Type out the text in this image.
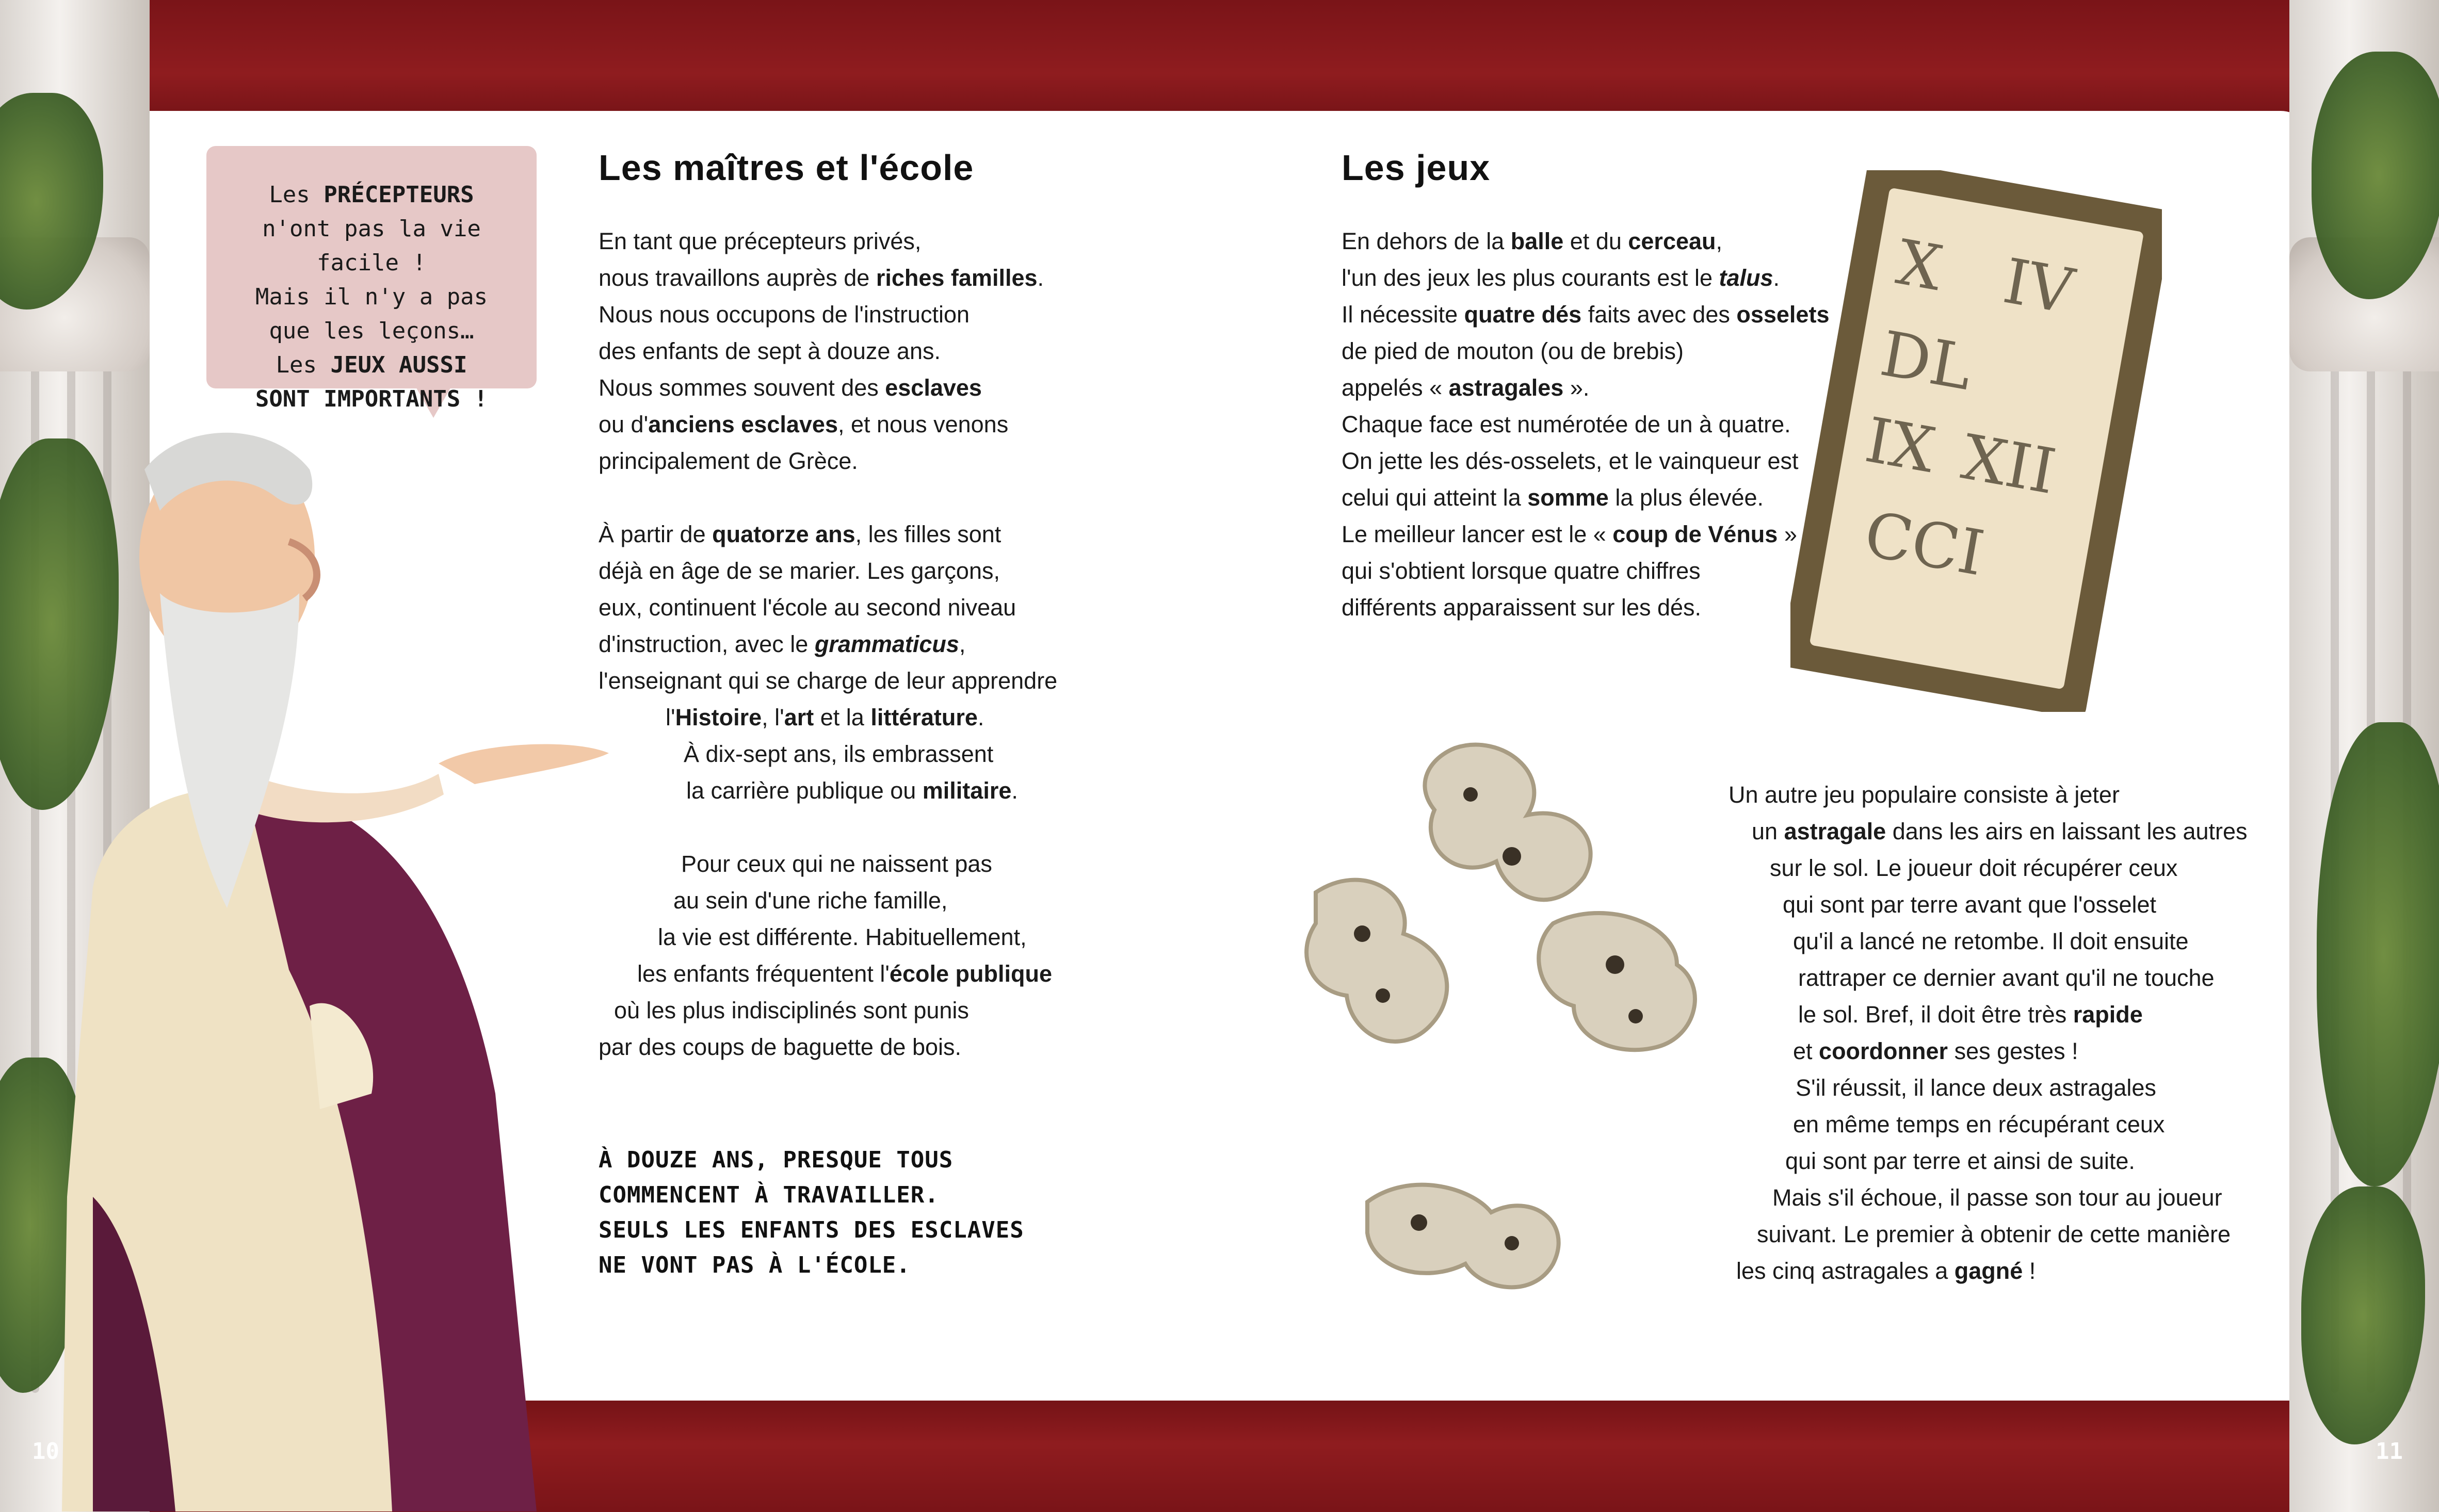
Les PRÉCEPTEURS
n'ont pas la vie facile !
Mais il n'y a pas
que les leçons…
Les JEUX AUSSI
SONT IMPORTANTS !
Les maîtres et l'école
En tant que précepteurs privés,
nous travaillons auprès de riches familles.
Nous nous occupons de l'instruction
des enfants de sept à douze ans.
Nous sommes souvent des esclaves
ou d'anciens esclaves, et nous venons
principalement de Grèce.

À partir de quatorze ans, les filles sont
déjà en âge de se marier. Les garçons,
eux, continuent l'école au second niveau
d'instruction, avec le grammaticus,
l'enseignant qui se charge de leur apprendre
l'Histoire, l'art et la littérature.
À dix-sept ans, ils embrassent
la carrière publique ou militaire.

Pour ceux qui ne naissent pas
au sein d'une riche famille,
la vie est différente. Habituellement,
les enfants fréquentent l'école publique
où les plus indisciplinés sont punis
par des coups de baguette de bois.
À DOUZE ANS, PRESQUE TOUS
COMMENCENT À TRAVAILLER.
SEULS LES ENFANTS DES ESCLAVES
NE VONT PAS À L'ÉCOLE.
10
Les jeux
En dehors de la balle et du cerceau,
l'un des jeux les plus courants est le talus.
Il nécessite quatre dés faits avec des osselets
de pied de mouton (ou de brebis)
appelés « astragales ».
Chaque face est numérotée de un à quatre.
On jette les dés-osselets, et le vainqueur est
celui qui atteint la somme la plus élevée.
Le meilleur lancer est le « coup de Vénus »
qui s'obtient lorsque quatre chiffres
différents apparaissent sur les dés.
Un autre jeu populaire consiste à jeter
un astragale dans les airs en laissant les autres
sur le sol. Le joueur doit récupérer ceux
qui sont par terre avant que l'osselet
qu'il a lancé ne retombe. Il doit ensuite
rattraper ce dernier avant qu'il ne touche
le sol. Bref, il doit être très rapide
et coordonner ses gestes !
S'il réussit, il lance deux astragales
en même temps en récupérant ceux
qui sont par terre et ainsi de suite.
Mais s'il échoue, il passe son tour au joueur
suivant. Le premier à obtenir de cette manière
les cinq astragales a gagné !
11
X IV
DL
IX XII
CCI
